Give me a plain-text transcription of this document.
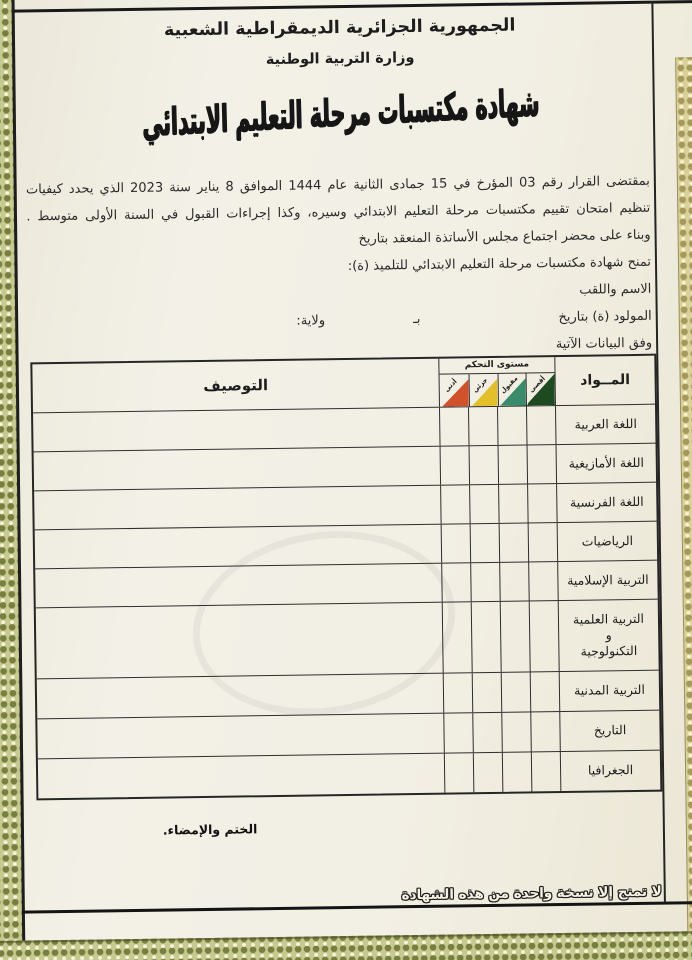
الجمهورية الجزائرية الديمقراطية الشعبية
وزارة التربية الوطنية
شهادة مكتسبات مرحلة التعليم الابتدائي
بمقتضى القرار رقم 03 المؤرخ في 15 جمادى الثانية عام 1444 الموافق 8 يناير سنة 2023 الذي يحدد كيفيات
تنظيم امتحان تقييم مكتسبات مرحلة التعليم الابتدائي وسيره، وكذا إجراءات القبول في السنة الأولى متوسط .
وبناء على محضر اجتماع مجلس الأساتذة المنعقد بتاريخ
تمنح شهادة مكتسبات مرحلة التعليم الابتدائي للتلميذ (ة):
الاسم واللقب
المولود (ة) بتاريخ
بـ
ولاية:
وفق البيانات الآتية
المــواد
مستوى التحكم
أقصى
مقبول
جزئي
أدنى
التوصيف
اللغة العربية
اللغة الأمازيغية
اللغة الفرنسية
الرياضيات
التربية الإسلامية
التربية العلمية
و
التكنولوجية
التربية المدنية
التاريخ
الجغرافيا
الختم والإمضاء.
لا تمنح إلا نسخة واحدة من هذه الشهادة
